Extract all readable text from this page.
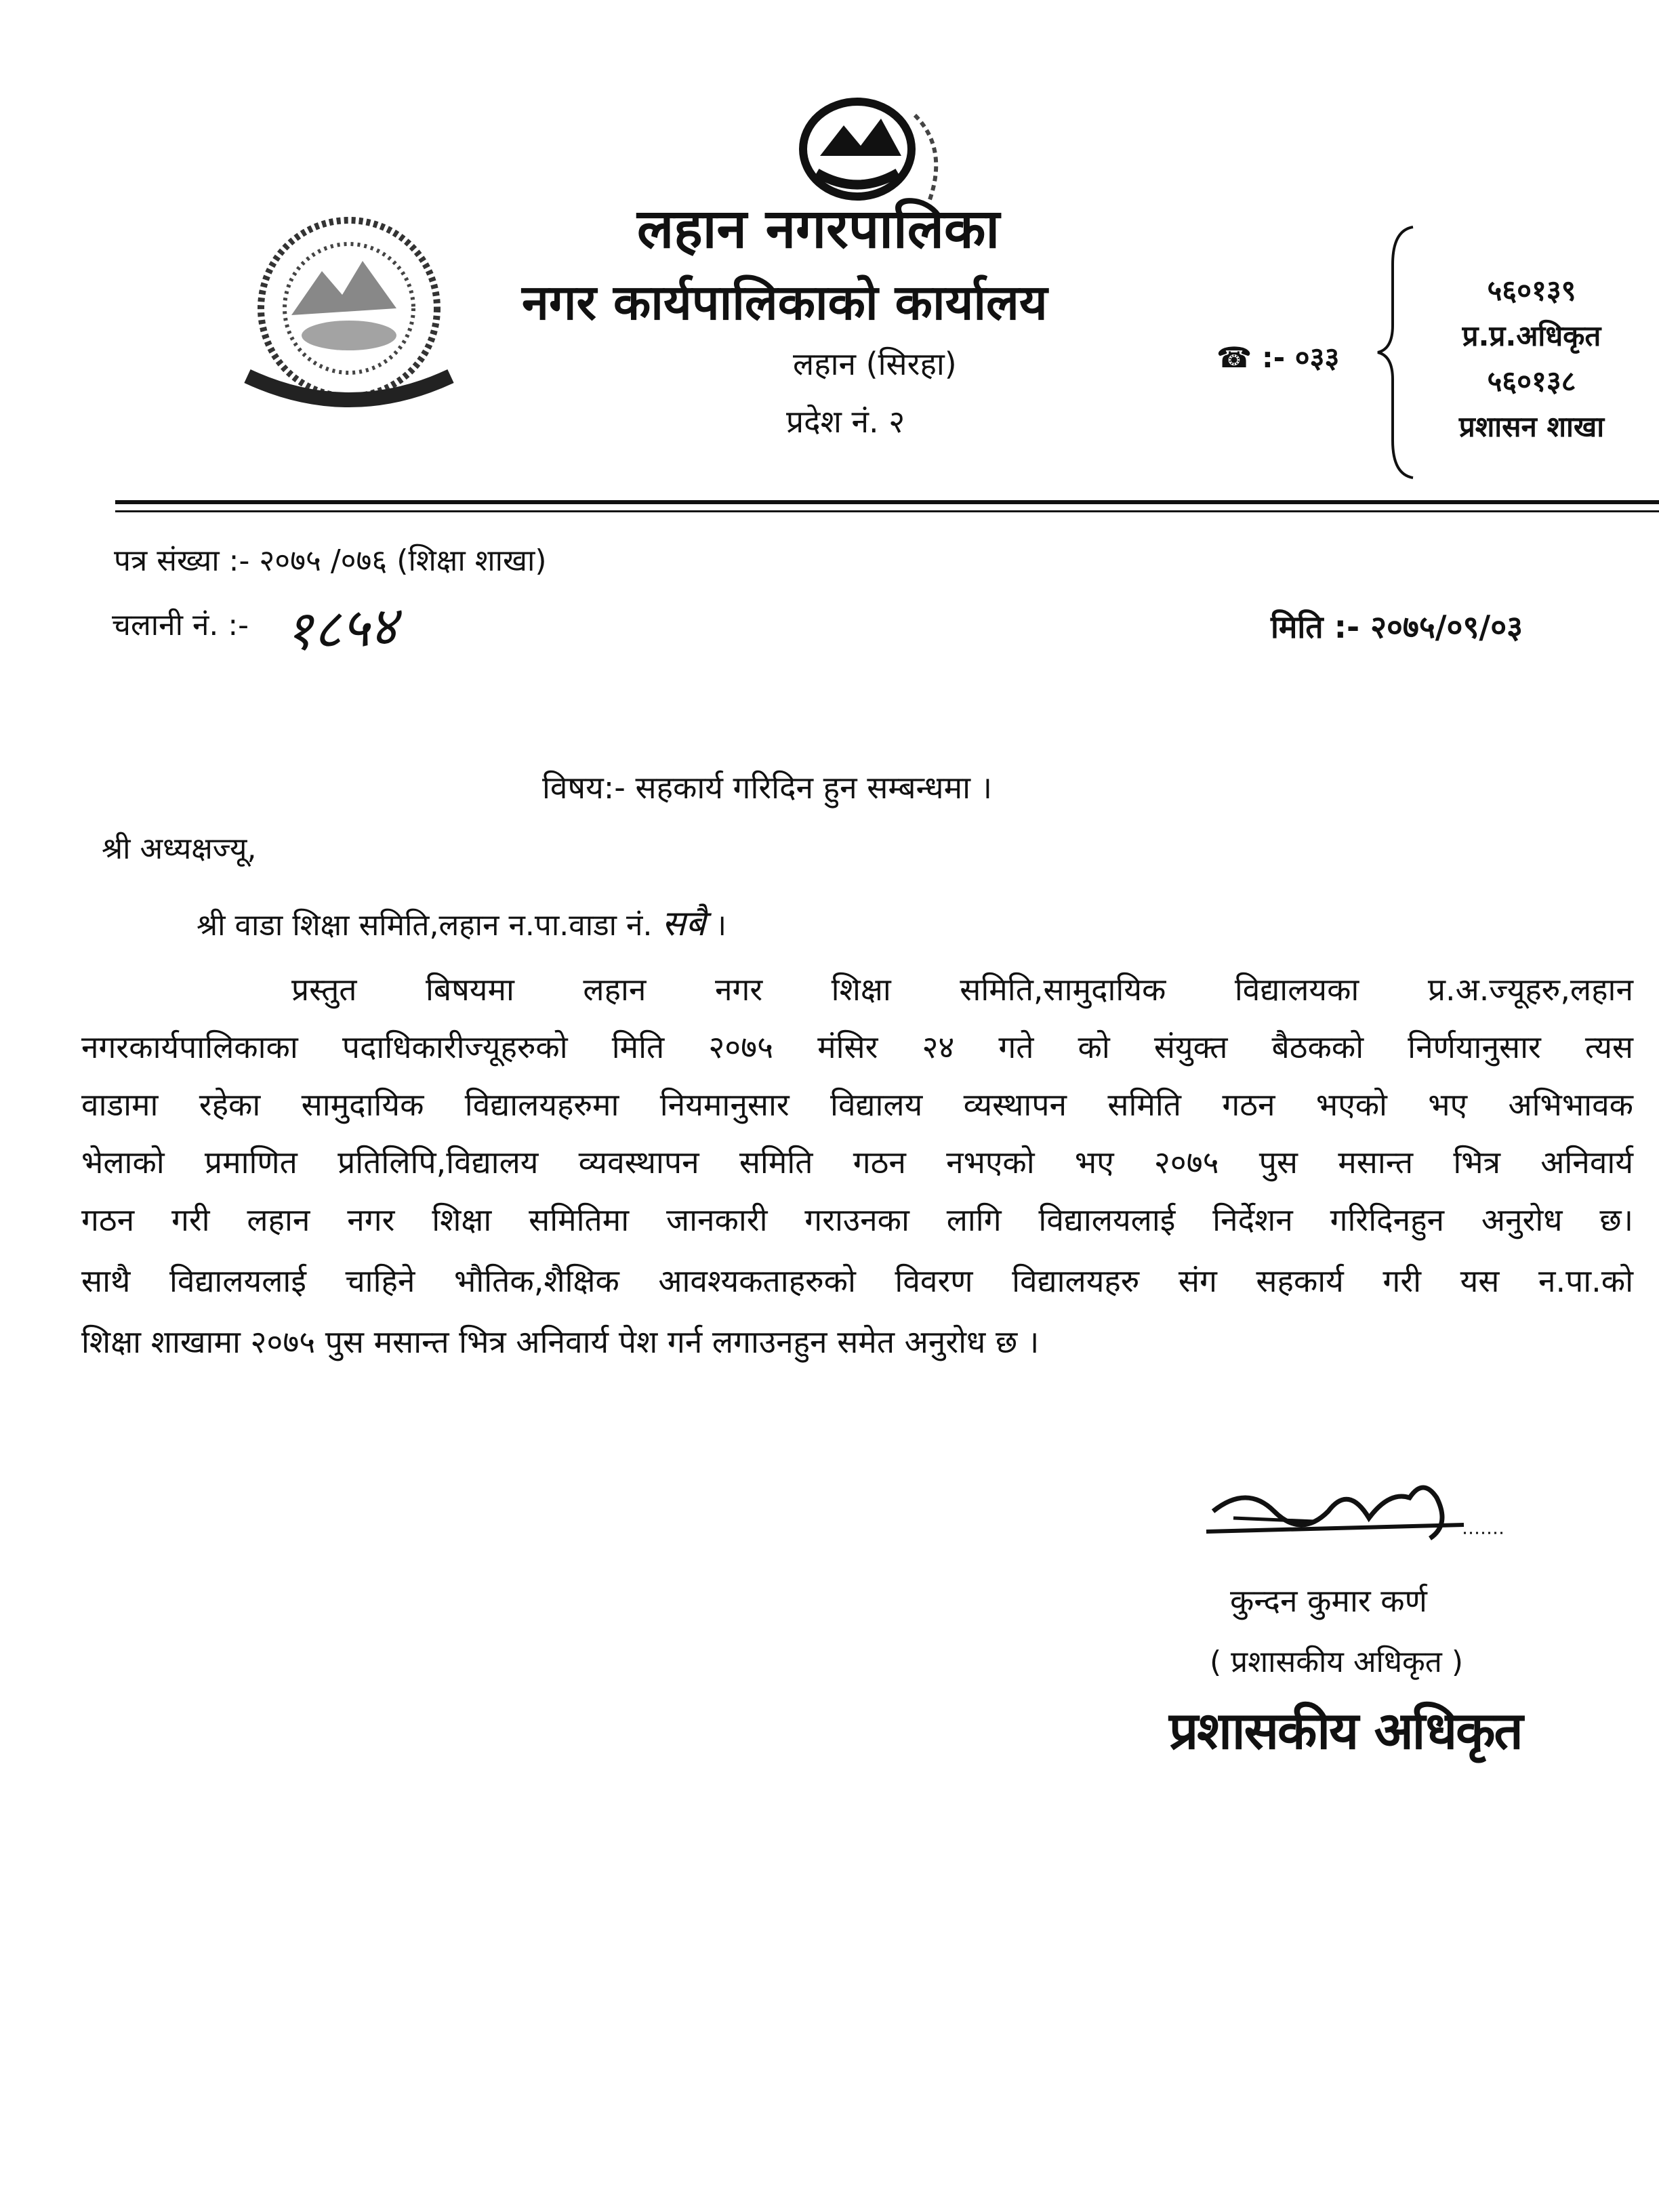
लहान नगरपालिका
नगर कार्यपालिकाको कार्यालय
लहान (सिरहा)
प्रदेश नं. २
☎ :- ०३३
५६०१३९
प्र.प्र.अधिकृत
५६०१३८
प्रशासन शाखा
पत्र संख्या :- २०७५ /०७६ (शिक्षा शाखा)
चलानी नं. :- १८५४	मिति :- २०७५/०९/०३
विषय:- सहकार्य गरिदिन हुन सम्बन्धमा ।
श्री अध्यक्षज्यू,
श्री वाडा शिक्षा समिति,लहान न.पा.वाडा नं. सबै ।
प्रस्तुत बिषयमा लहान नगर शिक्षा समिति,सामुदायिक विद्यालयका प्र.अ.ज्यूहरु,लहान
नगरकार्यपालिकाका पदाधिकारीज्यूहरुको मिति २०७५ मंसिर २४ गते को संयुक्त बैठकको निर्णयानुसार त्यस
वाडामा रहेका सामुदायिक विद्यालयहरुमा नियमानुसार विद्यालय व्यस्थापन समिति गठन भएको भए अभिभावक
भेलाको प्रमाणित प्रतिलिपि,विद्यालय व्यवस्थापन समिति गठन नभएको भए २०७५ पुस मसान्त भित्र अनिवार्य
गठन गरी लहान नगर शिक्षा समितिमा जानकारी गराउनका लागि विद्यालयलाई निर्देशन गरिदिनहुन अनुरोध छ।
साथै विद्यालयलाई चाहिने भौतिक,शैक्षिक आवश्यकताहरुको विवरण विद्यालयहरु संग सहकार्य गरी यस न.पा.को
शिक्षा शाखामा २०७५ पुस मसान्त भित्र अनिवार्य पेश गर्न लगाउनहुन समेत अनुरोध छ ।
कुन्दन कुमार कर्ण
( प्रशासकीय अधिकृत )
प्रशासकीय अधिकृत
